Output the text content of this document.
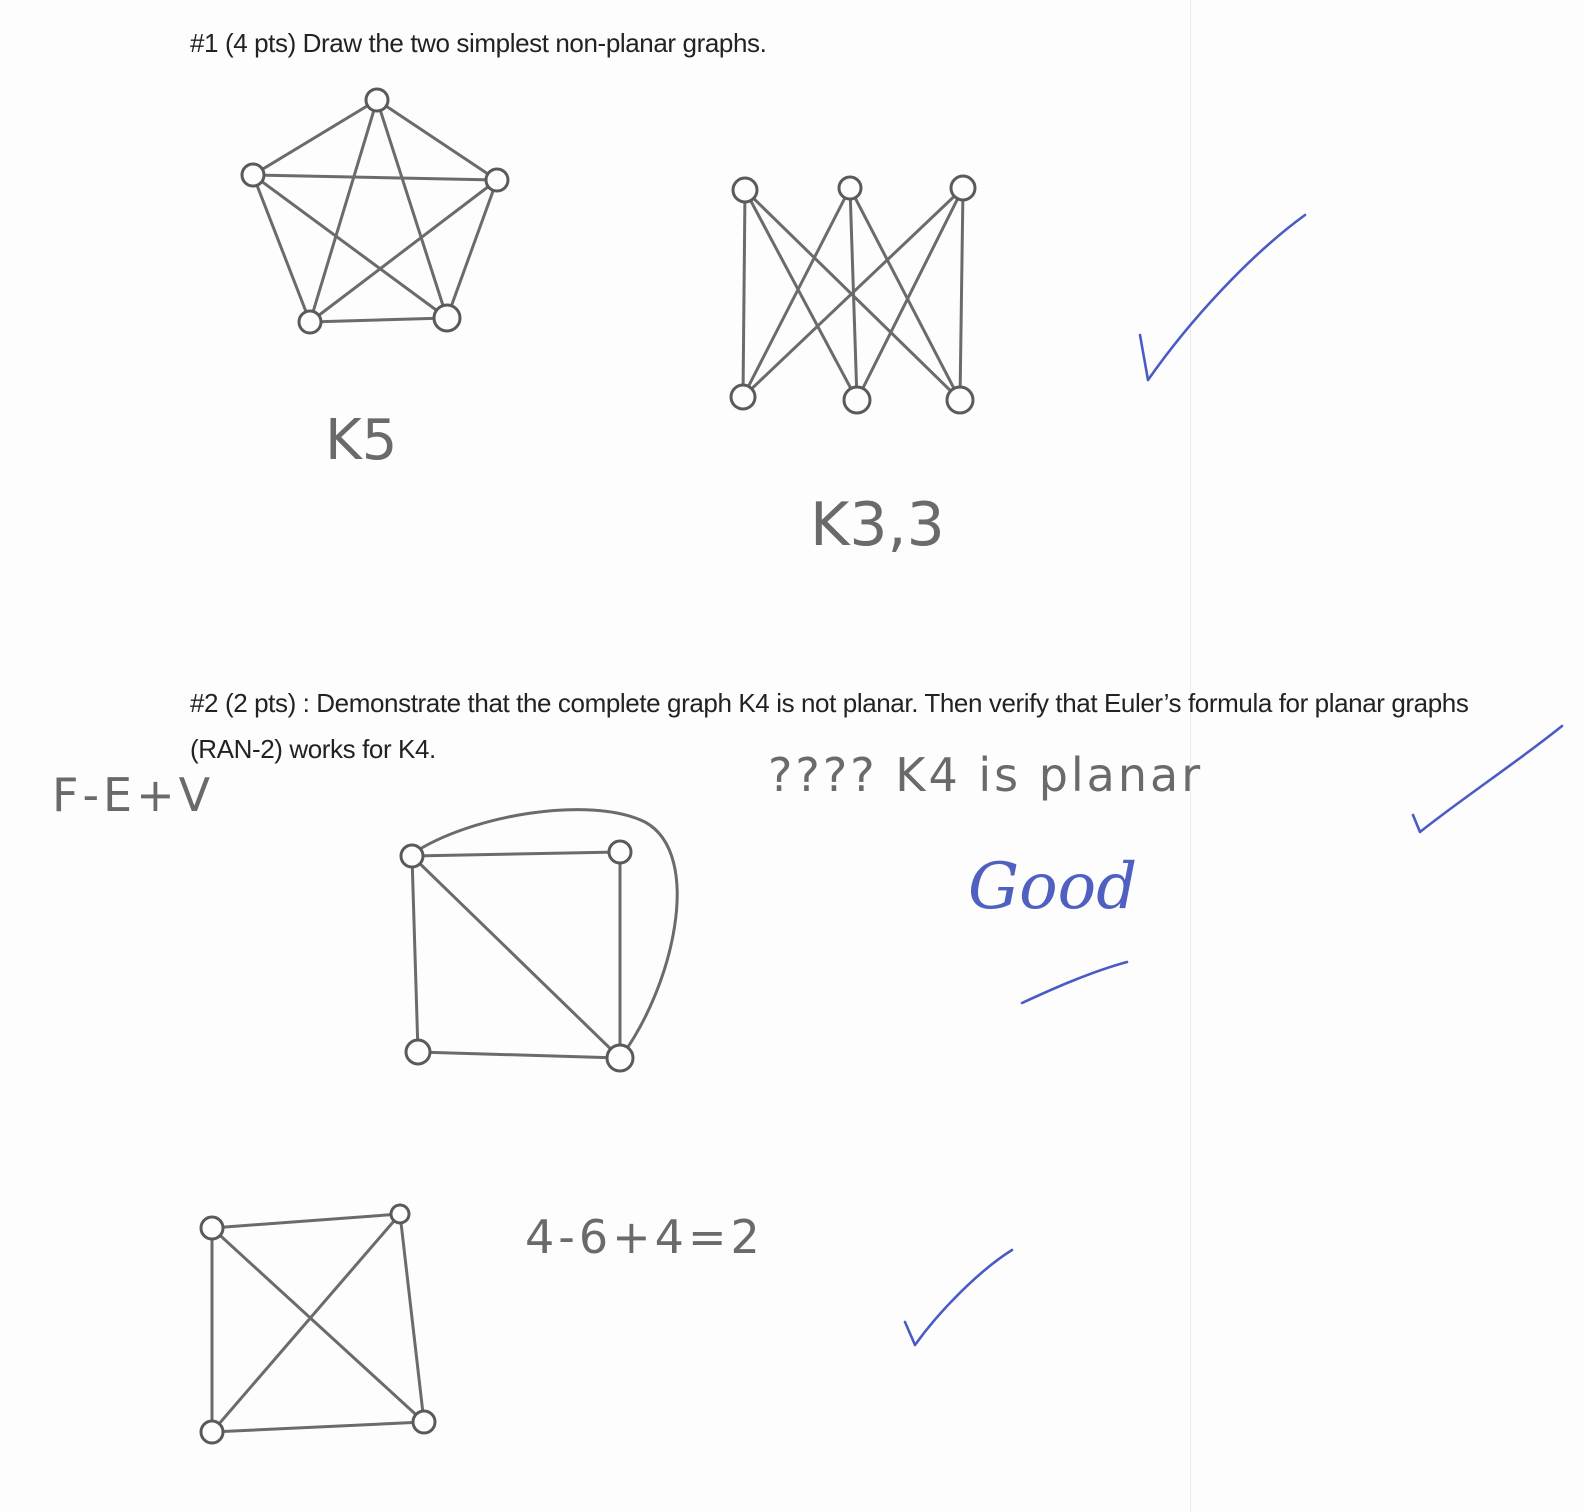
#1 (4 pts) Draw the two simplest non-planar graphs.

#2 (2 pts) : Demonstrate that the complete graph K4 is not planar. Then verify that Euler’s formula for planar graphs (RAN-2) works for K4.

K5
K3,3
F-E+V	???? K4 is planar
Good
4-6+4=2
